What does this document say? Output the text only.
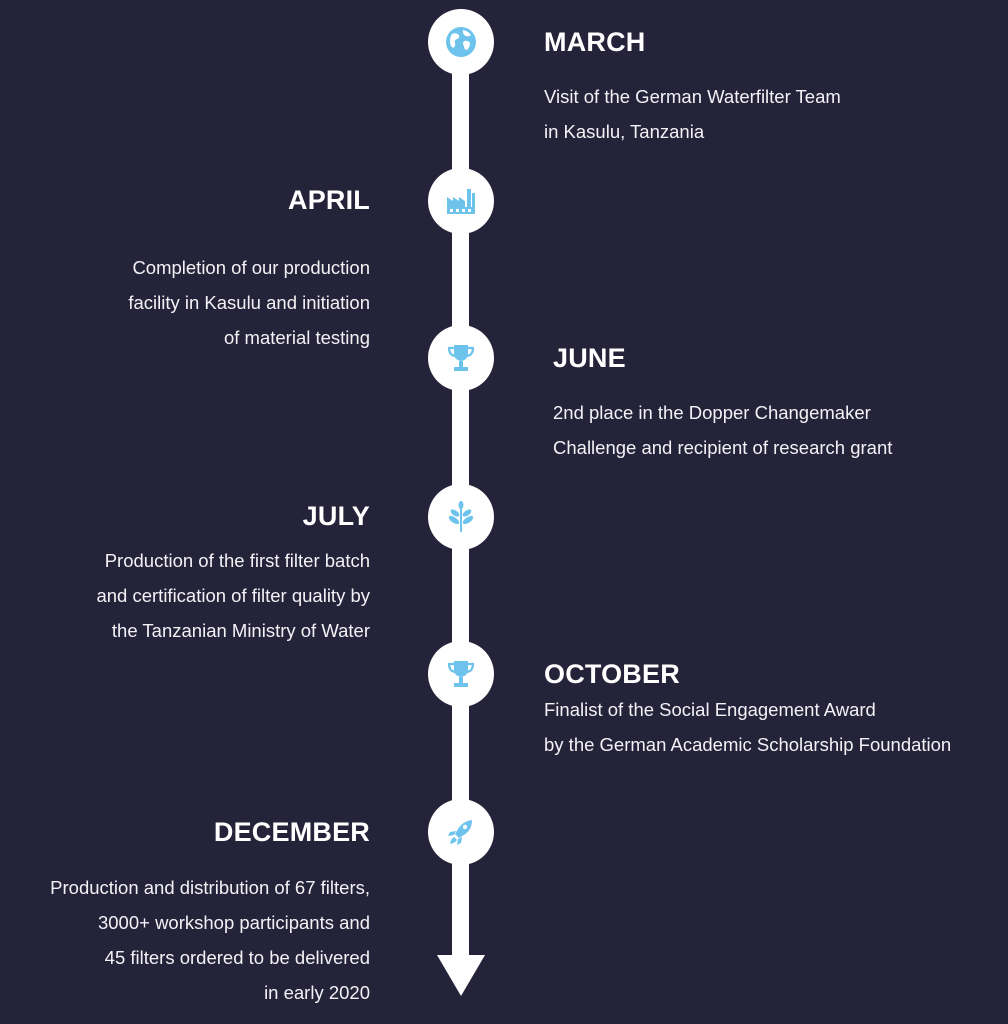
MARCH
Visit of the German Waterfilter Team
in Kasulu, Tanzania
APRIL
Completion of our production
facility in Kasulu and initiation
of material testing
JUNE
2nd place in the Dopper Changemaker
Challenge and recipient of research grant
JULY
Production of the first filter batch
and certification of filter quality by
the Tanzanian Ministry of Water
OCTOBER
Finalist of the Social Engagement Award
by the German Academic Scholarship Foundation
DECEMBER
Production and distribution of 67 filters,
3000+ workshop participants and
45 filters ordered to be delivered
in early 2020
